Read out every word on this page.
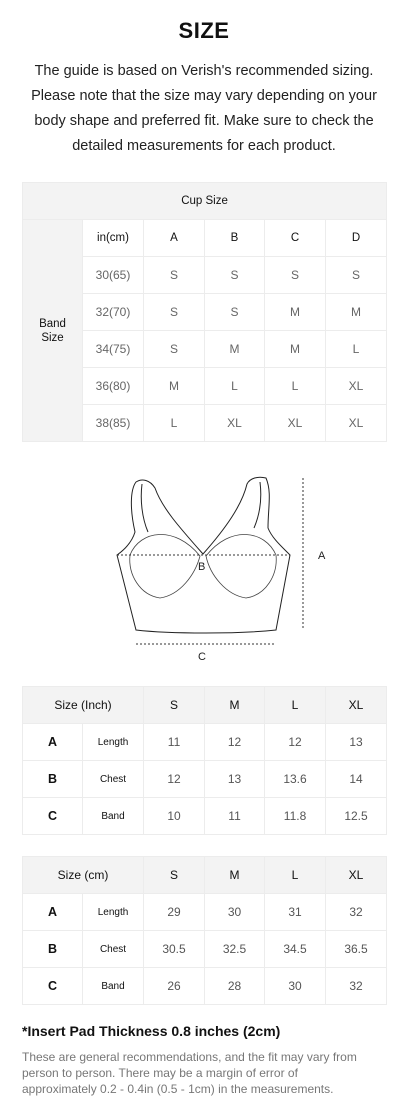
SIZE
The guide is based on Verish's recommended sizing. Please note that the size may vary depending on your body shape and preferred fit. Make sure to check the detailed measurements for each product.
Cup Size					
Band
Size	in(cm)	A	B	C	D
	30(65)	S	S	S	S
	32(70)	S	S	M	M
	34(75)	S	M	M	L
	36(80)	M	L	L	XL
	38(85)	L	XL	XL	XL
A
B
C
Size (Inch)		S	M	L	XL
A	Length	11	12	12	13
B	Chest	12	13	13.6	14
C	Band	10	11	11.8	12.5
Size (cm)		S	M	L	XL
A	Length	29	30	31	32
B	Chest	30.5	32.5	34.5	36.5
C	Band	26	28	30	32
*Insert Pad Thickness 0.8 inches (2cm)
These are general recommendations, and the fit may vary from person to person. There may be a margin of error of approximately 0.2 - 0.4in (0.5 - 1cm) in the measurements.
